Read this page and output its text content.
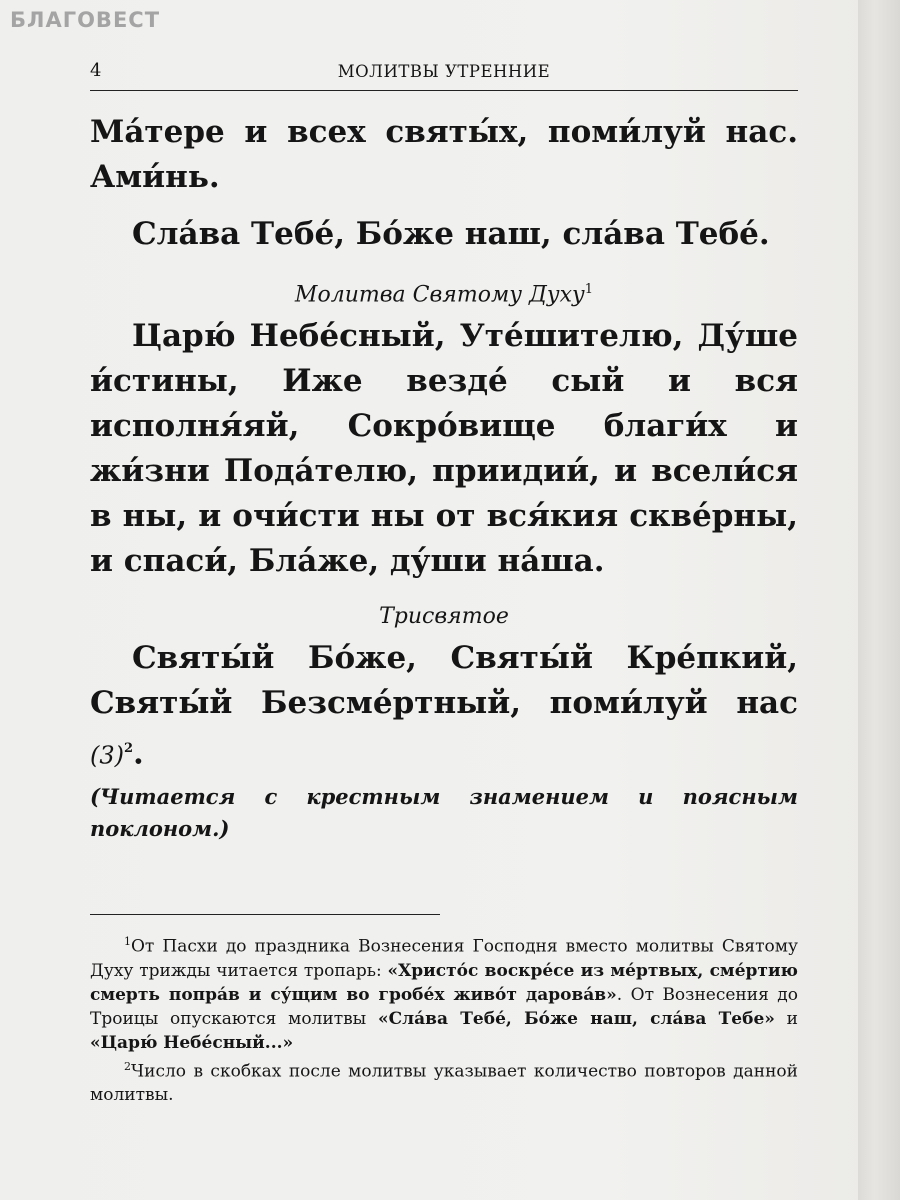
БЛАГОВЕСТ
4	МОЛИТВЫ УТРЕННИЕ

Ма́тере и всех святы́х, поми́луй нас. Ами́нь.

Сла́ва Тебе́, Бо́же наш, сла́ва Тебе́.

Молитва Святому Духу$^1$

Царю́ Небе́сный, Уте́шителю, Ду́ше и́стины, Иже везде́ сый и вся исполня́яй, Сокро́вище благи́х и жи́зни Пода́телю, приидии́, и всели́ся в ны, и очи́сти ны от вся́кия скве́рны, и спаси́, Бла́же, ду́ши на́ша.

Трисвятое

Святы́й Бо́же, Святы́й Кре́пкий, Святы́й Безсме́ртный, поми́луй нас $(3)^2$.

(Читается с крестным знамением и поясным поклоном.)

$^1$От Пасхи до праздника Вознесения Господня вместо молитвы Святому Духу трижды читается тропарь: «Христо́с воскре́се из ме́ртвых, сме́ртию смерть попра́в и су́щим во гробе́х живо́т дарова́в». От Вознесения до Троицы опускаются молитвы «Сла́ва Тебе́, Бо́же наш, сла́ва Тебе» и «Царю́ Небе́сный...»

$^2$Число в скобках после молитвы указывает количество повторов данной молитвы.
